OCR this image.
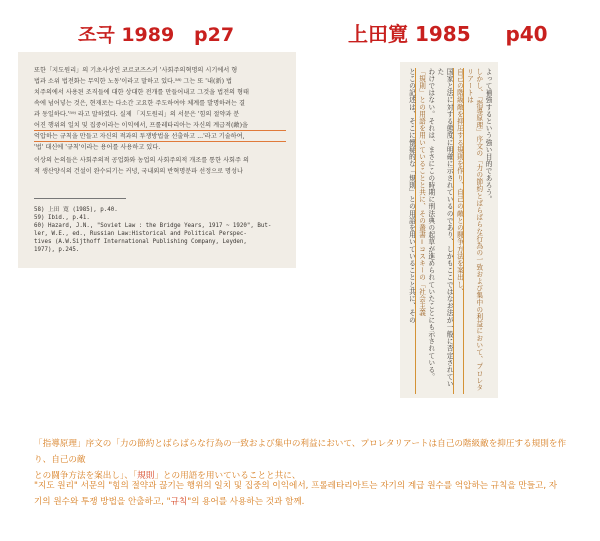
조국 1989   p27	上田寛 1985     p40
또한「지도원리」의 기초사상인 코르코즈스키 '사회주의혁명의 시기에서 형
법과 소위 법전화는 무익한 노동'이라고 말하고 있다.⁵⁸⁾ 그는 또 '내(新) 법
치주의에서 사용된 조직들에 대한 상대한 전개를 만들어내고 그것을 법전의 형태
속에 넘어넣는 것은, 현재로는 다소간 고요한 주도하여야 체계를 발명하려는 결
과 동일하다.'⁵⁹⁾ 라고 말하였다. 실제 「지도원리」의 서문은 '힘의 절약과 분
어진 행위의 일치 및 집중이라는 이익에서, 프롤레타리아는 자신의 계급적(敵)을
억압하는 규칙을 만들고 자신의 적과의 투쟁방법을 선출하고 ...'라고 기술하여,
'법' 대신에 '규칙'이라는 용어를 사용하고 있다.
이상의 논의들은 사회주의적 공업화와 농업의 사회주의적 개조를 통한 사회주 의
적 생산양식의 건설이 완수되기는 커녕, 국내외의 반혁명분파 선정으로 명성나
58) 上田 寛 (1985), p.40.
59) Ibid., p.41.
60) Hazard, J.N., "Soviet Law : the Bridge Years, 1917 ~ 1920", But-
ler, W.E., ed., Russian Law:Historical and Political Perspec-
tives (A.W.Sijthoff International Publishing Company, Leyden,
1977), p.245.
よって補強するという強い目的であろう。
しかし、「指導原理」序文の「力の節約とばらばらな行為の一致および集中の利益において、プロレタリアートは
自己の階級敵を抑圧する規則を作り、自己の敵との闘争方法を案出し、
国家と法に対する態度に明確に示されているのであり、しかもここではなお法が一般に否定されていた
わけではない。それは、まさにこの時期に刑法典の起草が進められていたことにも示されている。
「規則」との用語を用いていることと共に、その叢書＝コスキーの「社会主義
とこの記述は、そこに懐疑的な「規則」との用語を用いていることと共に、その
「指導原理」序文の「力の節約とばらばらな行為の一致および集中の利益において、プロレタリアートは自己の階級敵を抑圧する規則を作り、自己の敵
との闘争方法を案出し」、「規則」との用語を用いていることと共に、
"지도 원리" 서문의 "힘의 절약과 끊기는 행위의 일치 및 집중의 이익에서, 프롤레타리아트는 자기의 계급 원수를 억압하는 규칙을 만들고, 자
기의 원수와 투쟁 방법을 안출하고, "규칙"의 용어를 사용하는 것과 함께.
